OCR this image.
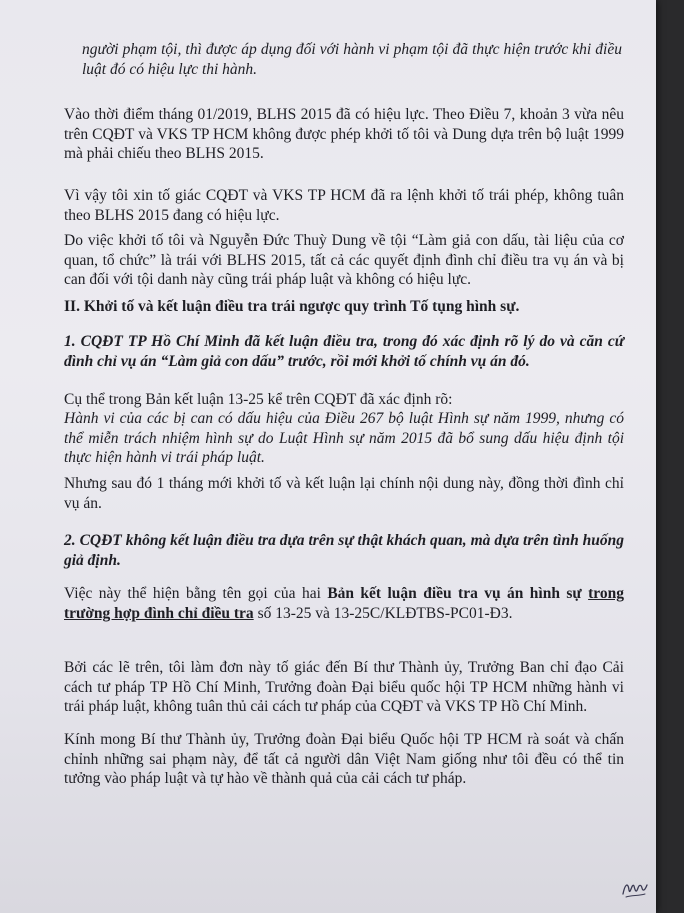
người phạm tội, thì được áp dụng đối với hành vi phạm tội đã thực hiện trước khi điều luật đó có hiệu lực thi hành.

Vào thời điểm tháng 01/2019, BLHS 2015 đã có hiệu lực. Theo Điều 7, khoản 3 vừa nêu trên CQĐT và VKS TP HCM không được phép khởi tố tôi và Dung dựa trên bộ luật 1999 mà phải chiếu theo BLHS 2015.

Vì vậy tôi xin tố giác CQĐT và VKS TP HCM đã ra lệnh khởi tố trái phép, không tuân theo BLHS 2015 đang có hiệu lực.

Do việc khởi tố tôi và Nguyễn Đức Thuỳ Dung về tội “Làm giả con dấu, tài liệu của cơ quan, tổ chức” là trái với BLHS 2015, tất cả các quyết định đình chỉ điều tra vụ án và bị can đối với tội danh này cũng trái pháp luật và không có hiệu lực.

II. Khởi tố và kết luận điều tra trái ngược quy trình Tố tụng hình sự.

1. CQĐT TP Hồ Chí Minh đã kết luận điều tra, trong đó xác định rõ lý do và căn cứ đình chỉ vụ án “Làm giả con dấu” trước, rồi mới khởi tố chính vụ án đó.

Cụ thể trong Bản kết luận 13-25 kể trên CQĐT đã xác định rõ:

Hành vi của các bị can có dấu hiệu của Điều 267 bộ luật Hình sự năm 1999, nhưng có thể miễn trách nhiệm hình sự do Luật Hình sự năm 2015 đã bổ sung dấu hiệu định tội thực hiện hành vi trái pháp luật.

Nhưng sau đó 1 tháng mới khởi tố và kết luận lại chính nội dung này, đồng thời đình chỉ vụ án.

2. CQĐT không kết luận điều tra dựa trên sự thật khách quan, mà dựa trên tình huống giả định.

Việc này thể hiện bằng tên gọi của hai Bản kết luận điều tra vụ án hình sự trong trường hợp đình chỉ điều tra số 13-25 và 13-25C/KLĐTBS-PC01-Đ3.

Bởi các lẽ trên, tôi làm đơn này tố giác đến Bí thư Thành ủy, Trưởng Ban chỉ đạo Cải cách tư pháp TP Hồ Chí Minh, Trưởng đoàn Đại biểu quốc hội TP HCM những hành vi trái pháp luật, không tuân thủ cải cách tư pháp của CQĐT và VKS TP Hồ Chí Minh.

Kính mong Bí thư Thành ủy, Trưởng đoàn Đại biểu Quốc hội TP HCM rà soát và chấn chỉnh những sai phạm này, để tất cả người dân Việt Nam giống như tôi đều có thể tin tưởng vào pháp luật và tự hào về thành quả của cải cách tư pháp.
